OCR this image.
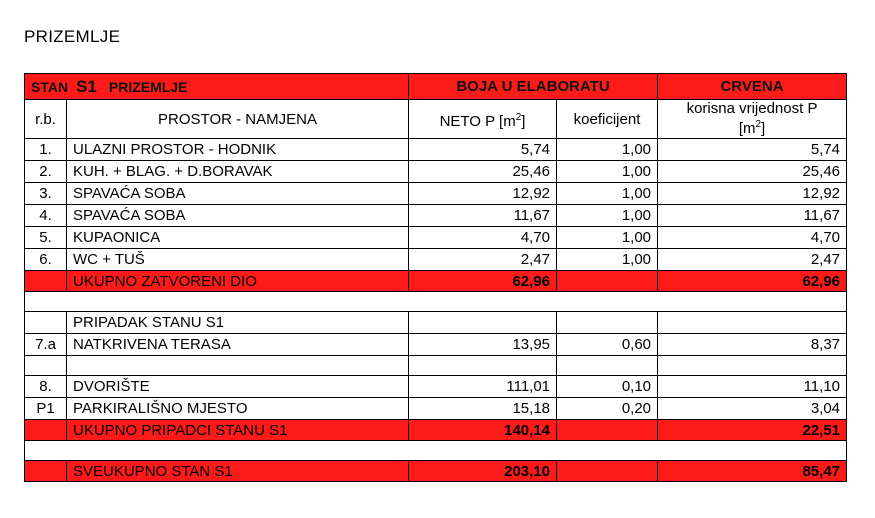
PRIZEMLJE
STAN S1 PRIZEMLJE		BOJA U ELABORATU		CRVENA
r.b.	PROSTOR - NAMJENA	NETO P $[m^2]$	koeficijent	korisna vrijednost P
$[m^2]$
1.	ULAZNI PROSTOR - HODNIK	5,74	1,00	5,74
2.	KUH. + BLAG. + D.BORAVAK	25,46	1,00	25,46
3.	SPAVAĆA SOBA	12,92	1,00	12,92
4.	SPAVAĆA SOBA	11,67	1,00	11,67
5.	KUPAONICA	4,70	1,00	4,70
6.	WC + TUŠ	2,47	1,00	2,47
	UKUPNO ZATVORENI DIO	62,96		62,96

	PRIPADAK STANU S1			
7.a	NATKRIVENA TERASA	13,95	0,60	8,37

8.	DVORIŠTE	111,01	0,10	11,10
P1	PARKIRALIŠNO MJESTO	15,18	0,20	3,04
	UKUPNO PRIPADCI STANU S1	140,14		22,51

	SVEUKUPNO STAN S1	203,10		85,47
